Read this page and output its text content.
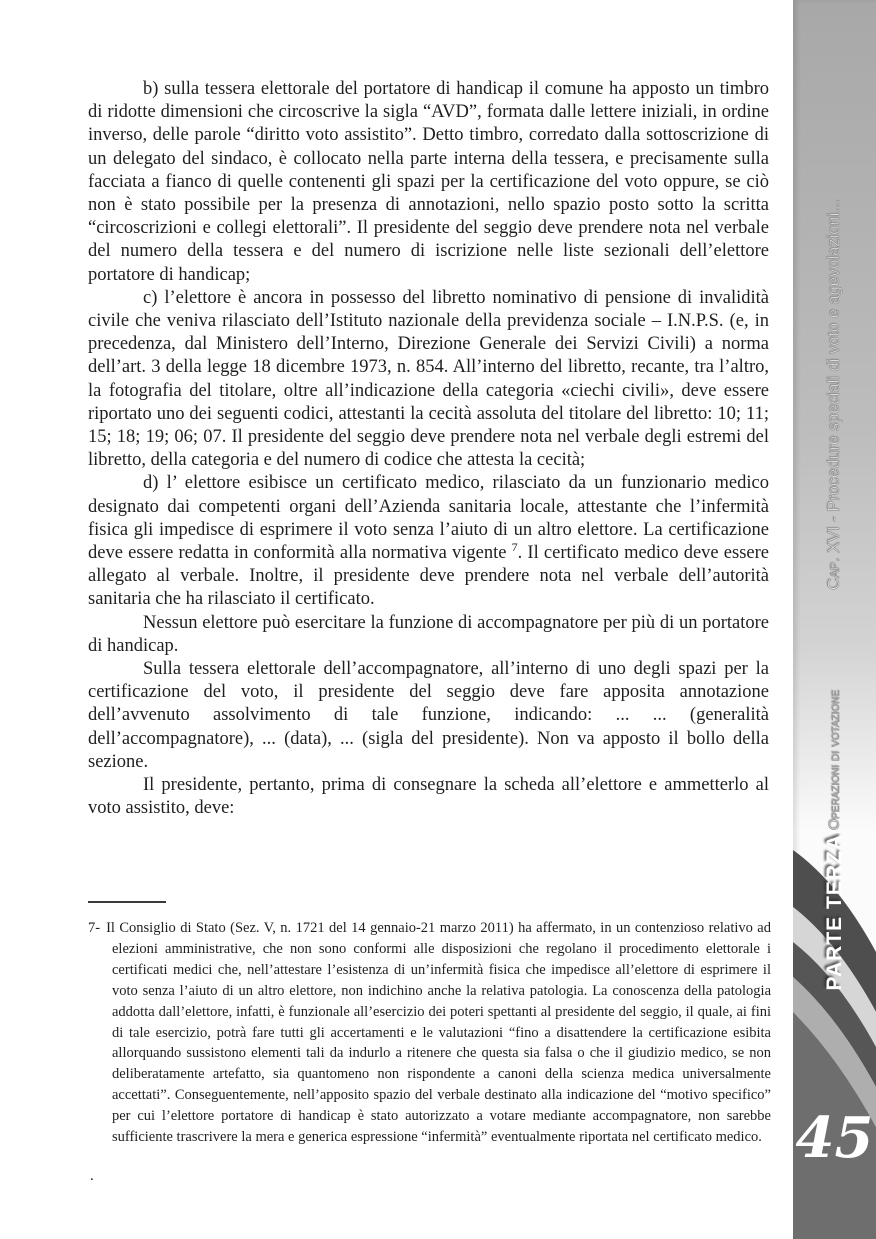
b) sulla tessera elettorale del portatore di handicap il comune ha apposto un timbro di ridotte dimensioni che circoscrive la sigla “AVD”, formata dalle lettere iniziali, in ordine inverso, delle parole “diritto voto assistito”. Detto timbro, corredato dalla sottoscrizione di un delegato del sindaco, è collocato nella parte interna della tessera, e precisamente sulla facciata a fianco di quelle contenenti gli spazi per la certificazione del voto oppure, se ciò non è stato possibile per la presenza di annotazioni, nello spazio posto sotto la scritta “circoscrizioni e collegi elettorali”. Il presidente del seggio deve prendere nota nel verbale del numero della tessera e del numero di iscrizione nelle liste sezionali dell’elettore portatore di handicap;

c) l’elettore è ancora in possesso del libretto nominativo di pensione di invalidità civile che veniva rilasciato dell’Istituto nazionale della previdenza sociale – I.N.P.S. (e, in precedenza, dal Ministero dell’Interno, Direzione Generale dei Servizi Civili) a norma dell’art. 3 della legge 18 dicembre 1973, n. 854. All’interno del libretto, recante, tra l’altro, la fotografia del titolare, oltre all’indicazione della categoria «ciechi civili», deve essere riportato uno dei seguenti codici, attestanti la cecità assoluta del titolare del libretto: 10; 11; 15; 18; 19; 06; 07. Il presidente del seggio deve prendere nota nel verbale degli estremi del libretto, della categoria e del numero di codice che attesta la cecità;

d) l’ elettore esibisce un certificato medico, rilasciato da un funzionario medico designato dai competenti organi dell’Azienda sanitaria locale, attestante che l’infermità fisica gli impedisce di esprimere il voto senza l’aiuto di un altro elettore. La certificazione deve essere redatta in conformità alla normativa vigente $^7$. Il certificato medico deve essere allegato al verbale. Inoltre, il presidente deve prendere nota nel verbale dell’autorità sanitaria che ha rilasciato il certificato.

Nessun elettore può esercitare la funzione di accompagnatore per più di un portatore di handicap.

Sulla tessera elettorale dell’accompagnatore, all’interno di uno degli spazi per la certificazione del voto, il presidente del seggio deve fare apposita annotazione dell’avvenuto assolvimento di tale funzione, indicando: ... ... (generalità dell’accompagnatore), ... (data), ... (sigla del presidente). Non va apposto il bollo della sezione.

Il presidente, pertanto, prima di consegnare la scheda all’elettore e ammetterlo al voto assistito, deve:

7- Il Consiglio di Stato (Sez. V, n. 1721 del 14 gennaio-21 marzo 2011) ha affermato, in un contenzioso relativo ad elezioni amministrative, che non sono conformi alle disposizioni che regolano il procedimento elettorale i certificati medici che, nell’attestare l’esistenza di un’infermità fisica che impedisce all’elettore di esprimere il voto senza l’aiuto di un altro elettore, non indichino anche la relativa patologia. La conoscenza della patologia addotta dall’elettore, infatti, è funzionale all’esercizio dei poteri spettanti al presidente del seggio, il quale, ai fini di tale esercizio, potrà fare tutti gli accertamenti e le valutazioni “fino a disattendere la certificazione esibita allorquando sussistono elementi tali da indurlo a ritenere che questa sia falsa o che il giudizio medico, se non deliberatamente artefatto, sia quantomeno non rispondente a canoni della scienza medica universalmente accettati”. Conseguentemente, nell’apposito spazio del verbale destinato alla indicazione del “motivo specifico” per cui l’elettore portatore di handicap è stato autorizzato a votare mediante accompagnatore, non sarebbe sufficiente trascrivere la mera e generica espressione “infermità” eventualmente riportata nel certificato medico.
.
Cap. XVI - Procedure speciali di voto e agevolazioni...
Operazioni di votazione
PARTE TERZA
45
